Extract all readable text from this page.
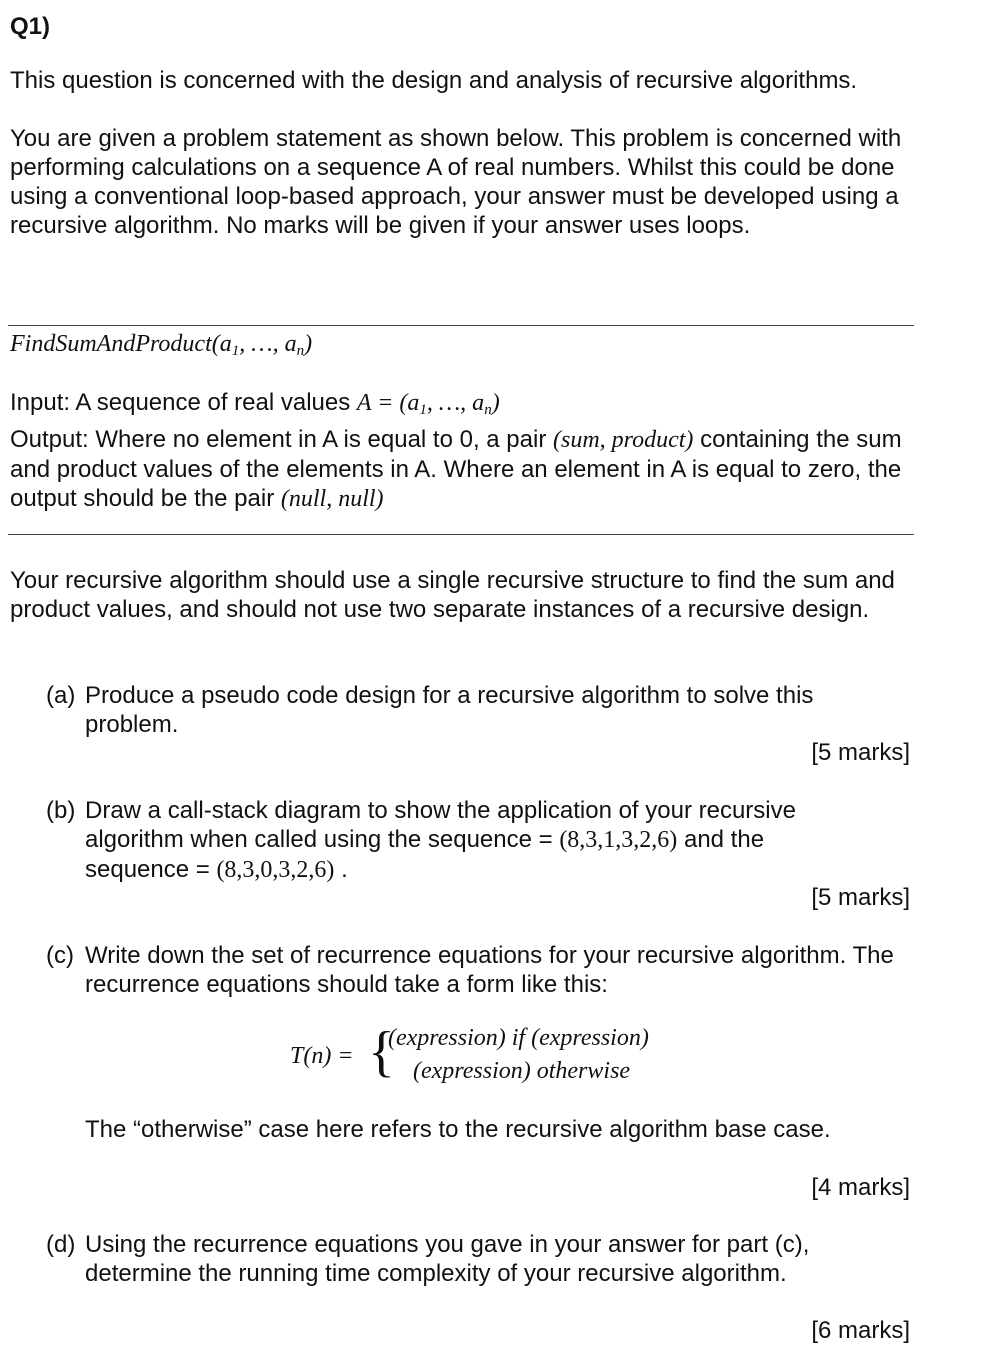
Q1)
This question is concerned with the design and analysis of recursive algorithms.
You are given a problem statement as shown below. This problem is concerned with performing calculations on a sequence A of real numbers. Whilst this could be done using a conventional loop-based approach, your answer must be developed using a recursive algorithm. No marks will be given if your answer uses loops.
$FindSumAndProduct(a_1$, …, $a_n$)
Input: A sequence of real values $A = (a_1$, …, $a_n$)
Output: Where no element in A is equal to 0, a pair (sum, product) containing the sum and product values of the elements in A. Where an element in A is equal to zero, the output should be the pair (null, null)
Your recursive algorithm should use a single recursive structure to find the sum and product values, and should not use two separate instances of a recursive design.
(a) Produce a pseudo code design for a recursive algorithm to solve this problem.
[5 marks]
(b) Draw a call-stack diagram to show the application of your recursive algorithm when called using the sequence = (8,3,1,3,2,6) and the sequence = (8,3,0,3,2,6) .
[5 marks]
(c) Write down the set of recurrence equations for your recursive algorithm. The recurrence equations should take a form like this:
T(n) = {
(expression) if (expression)
(expression) otherwise
The “otherwise” case here refers to the recursive algorithm base case.
[4 marks]
(d) Using the recurrence equations you gave in your answer for part (c), determine the running time complexity of your recursive algorithm.
[6 marks]
